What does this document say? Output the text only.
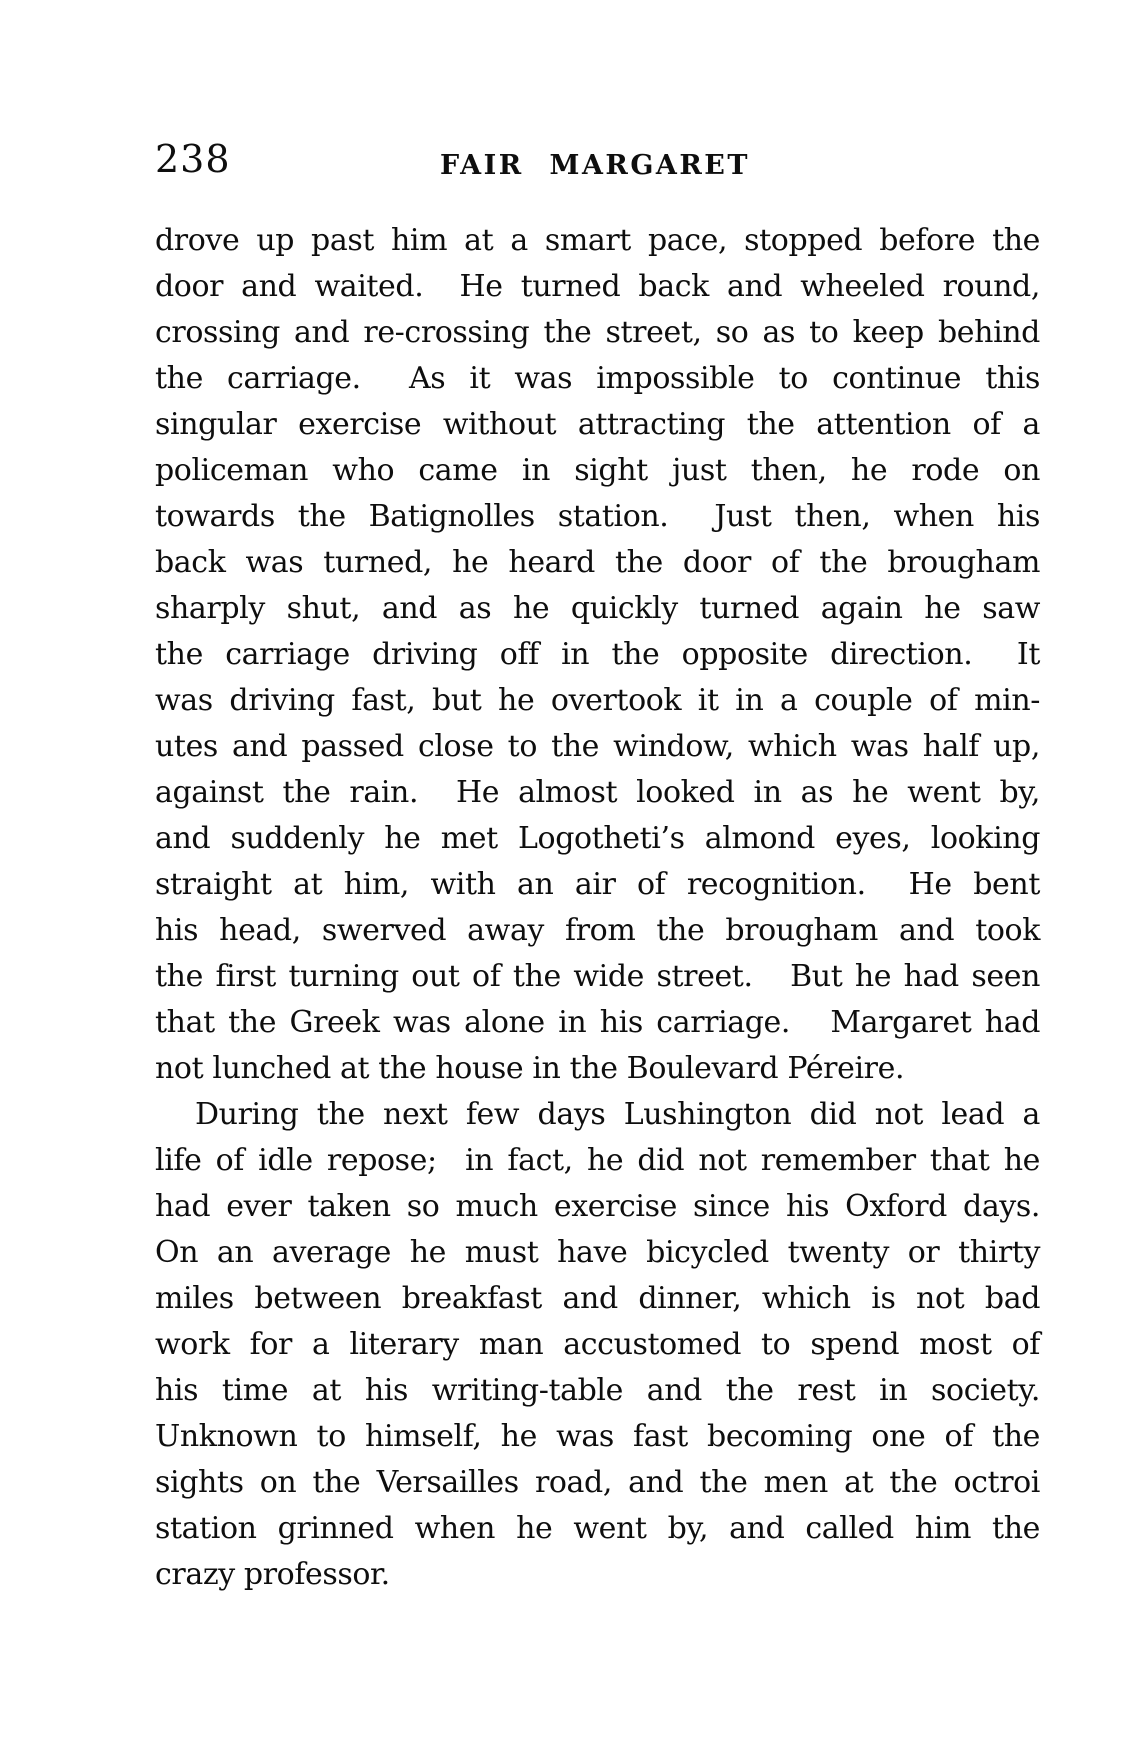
238	FAIR MARGARET
drove up past him at a smart pace, stopped before the
door and waited.  He turned back and wheeled round,
crossing and re-crossing the street, so as to keep behind
the carriage.  As it was impossible to continue this
singular exercise without attracting the attention of a
policeman who came in sight just then, he rode on
towards the Batignolles station.  Just then, when his
back was turned, he heard the door of the brougham
sharply shut, and as he quickly turned again he saw
the carriage driving off in the opposite direction.  It
was driving fast, but he overtook it in a couple of min-
utes and passed close to the window, which was half up,
against the rain.  He almost looked in as he went by,
and suddenly he met Logotheti’s almond eyes, looking
straight at him, with an air of recognition.  He bent
his head, swerved away from the brougham and took
the first turning out of the wide street.   But he had seen
that the Greek was alone in his carriage.   Margaret had
not lunched at the house in the Boulevard Péreire.
During the next few days Lushington did not lead a
life of idle repose;  in fact, he did not remember that he
had ever taken so much exercise since his Oxford days.
On an average he must have bicycled twenty or thirty
miles between breakfast and dinner, which is not bad
work for a literary man accustomed to spend most of
his time at his writing-table and the rest in society.
Unknown to himself, he was fast becoming one of the
sights on the Versailles road, and the men at the octroi
station grinned when he went by, and called him the
crazy professor.
